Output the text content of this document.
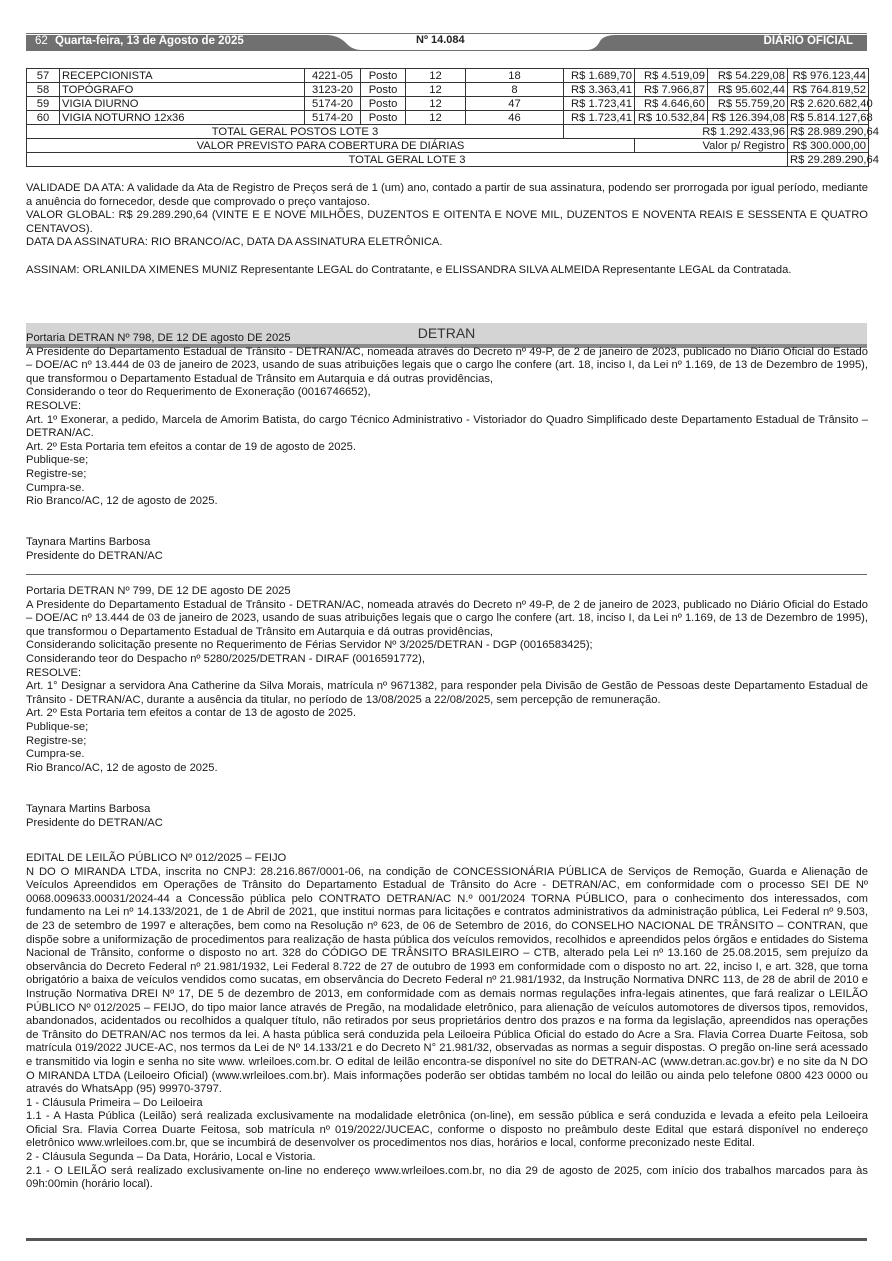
62 Quarta-feira, 13 de Agosto de 2025	Nº 14.084	DIÁRIO OFICIAL
57	RECEPCIONISTA	4221-05	Posto	12	18	R$ 1.689,70	R$ 4.519,09	R$ 54.229,08	R$ 976.123,44
58	TOPÓGRAFO	3123-20	Posto	12	8	R$ 3.363,41	R$ 7.966,87	R$ 95.602,44	R$ 764.819,52
59	VIGIA DIURNO	5174-20	Posto	12	47	R$ 1.723,41	R$ 4.646,60	R$ 55.759,20	R$ 2.620.682,40
60	VIGIA NOTURNO 12x36	5174-20	Posto	12	46	R$ 1.723,41	R$ 10.532,84	R$ 126.394,08	R$ 5.814.127,68
TOTAL GERAL POSTOS LOTE 3						R$ 1.292.433,96			R$ 28.989.290,64
VALOR PREVISTO PARA COBERTURA DE DIÁRIAS							Valor p/ Registro		R$ 300.000,00
TOTAL GERAL LOTE 3									R$ 29.289.290,64

VALIDADE DA ATA: A validade da Ata de Registro de Preços será de 1 (um) ano, contado a partir de sua assinatura, podendo ser prorrogada por igual período, mediante a anuência do fornecedor, desde que comprovado o preço vantajoso.

VALOR GLOBAL: R$ 29.289.290,64 (VINTE E E NOVE MILHÕES, DUZENTOS E OITENTA E NOVE MIL, DUZENTOS E NOVENTA REAIS E SESSENTA E QUATRO CENTAVOS).

DATA DA ASSINATURA: RIO BRANCO/AC, DATA DA ASSINATURA ELETRÔNICA.

ASSINAM: ORLANILDA XIMENES MUNIZ Representante LEGAL do Contratante, e ELISSANDRA SILVA ALMEIDA Representante LEGAL da Contratada.

DETRAN

Portaria DETRAN Nº 798, DE 12 DE agosto DE 2025

A Presidente do Departamento Estadual de Trânsito - DETRAN/AC, nomeada através do Decreto nº 49-P, de 2 de janeiro de 2023, publicado no Diário Oficial do Estado – DOE/AC nº 13.444 de 03 de janeiro de 2023, usando de suas atribuições legais que o cargo lhe confere (art. 18, inciso I, da Lei nº 1.169, de 13 de Dezembro de 1995), que transformou o Departamento Estadual de Trânsito em Autarquia e dá outras providências,

Considerando o teor do Requerimento de Exoneração (0016746652),

RESOLVE:

Art. 1º Exonerar, a pedido, Marcela de Amorim Batista, do cargo Técnico Administrativo - Vistoriador do Quadro Simplificado deste Departamento Estadual de Trânsito – DETRAN/AC.

Art. 2º Esta Portaria tem efeitos a contar de 19 de agosto de 2025.

Publique-se;

Registre-se;

Cumpra-se.

Rio Branco/AC, 12 de agosto de 2025.

Taynara Martins Barbosa

Presidente do DETRAN/AC

Portaria DETRAN Nº 799, DE 12 DE agosto DE 2025

A Presidente do Departamento Estadual de Trânsito - DETRAN/AC, nomeada através do Decreto nº 49-P, de 2 de janeiro de 2023, publicado no Diário Oficial do Estado – DOE/AC nº 13.444 de 03 de janeiro de 2023, usando de suas atribuições legais que o cargo lhe confere (art. 18, inciso I, da Lei nº 1.169, de 13 de Dezembro de 1995), que transformou o Departamento Estadual de Trânsito em Autarquia e dá outras providências,

Considerando solicitação presente no Requerimento de Férias Servidor Nº 3/2025/DETRAN - DGP (0016583425);

Considerando teor do Despacho nº 5280/2025/DETRAN - DIRAF (0016591772),

RESOLVE:

Art. 1° Designar a servidora Ana Catherine da Silva Morais, matrícula nº 9671382, para responder pela Divisão de Gestão de Pessoas deste Departamento Estadual de Trânsito - DETRAN/AC, durante a ausência da titular, no período de 13/08/2025 a 22/08/2025, sem percepção de remuneração.

Art. 2º Esta Portaria tem efeitos a contar de 13 de agosto de 2025.

Publique-se;

Registre-se;

Cumpra-se.

Rio Branco/AC, 12 de agosto de 2025.

Taynara Martins Barbosa

Presidente do DETRAN/AC

EDITAL DE LEILÃO PÚBLICO Nº 012/2025 – FEIJO

N DO O MIRANDA LTDA, inscrita no CNPJ: 28.216.867/0001-06, na condição de CONCESSIONÁRIA PÚBLICA de Serviços de Remoção, Guarda e Alienação de Veículos Apreendidos em Operações de Trânsito do Departamento Estadual de Trânsito do Acre - DETRAN/AC, em conformidade com o processo SEI DE Nº 0068.009633.00031/2024-44 a Concessão pública pelo CONTRATO DETRAN/AC N.º 001/2024 TORNA PÚBLICO, para o conhecimento dos interessados, com fundamento na Lei nº 14.133/2021, de 1 de Abril de 2021, que institui normas para licitações e contratos administrativos da administração pública, Lei Federal nº 9.503, de 23 de setembro de 1997 e alterações, bem como na Resolução nº 623, de 06 de Setembro de 2016, do CONSELHO NACIONAL DE TRÂNSITO – CONTRAN, que dispõe sobre a uniformização de procedimentos para realização de hasta pública dos veículos removidos, recolhidos e apreendidos pelos órgãos e entidades do Sistema Nacional de Trânsito, conforme o disposto no art. 328 do CÓDIGO DE TRÂNSITO BRASILEIRO – CTB, alterado pela Lei nº 13.160 de 25.08.2015, sem prejuízo da observância do Decreto Federal nº 21.981/1932, Lei Federal 8.722 de 27 de outubro de 1993 em conformidade com o disposto no art. 22, inciso I, e art. 328, que torna obrigatório a baixa de veículos vendidos como sucatas, em observância do Decreto Federal nº 21.981/1932, da Instrução Normativa DNRC 113, de 28 de abril de 2010 e Instrução Normativa DREI Nº 17, DE 5 de dezembro de 2013, em conformidade com as demais normas regulações infra-legais atinentes, que fará realizar o LEILÃO PÚBLICO Nº 012/2025 – FEIJO, do tipo maior lance através de Pregão, na modalidade eletrônico, para alienação de veículos automotores de diversos tipos, removidos, abandonados, acidentados ou recolhidos a qualquer título, não retirados por seus proprietários dentro dos prazos e na forma da legislação, apreendidos nas operações de Trânsito do DETRAN/AC nos termos da lei. A hasta pública será conduzida pela Leiloeira Pública Oficial do estado do Acre a Sra. Flavia Correa Duarte Feitosa, sob matrícula 019/2022 JUCE-AC, nos termos da Lei de Nº 14.133/21 e do Decreto N° 21.981/32, observadas as normas a seguir dispostas. O pregão on-line será acessado e transmitido via login e senha no site www. wrleiloes.com.br. O edital de leilão encontra-se disponível no site do DETRAN-AC (www.detran.ac.gov.br) e no site da N DO O MIRANDA LTDA (Leiloeiro Oficial) (www.wrleiloes.com.br). Mais informações poderão ser obtidas também no local do leilão ou ainda pelo telefone 0800 423 0000 ou através do WhatsApp (95) 99970-3797.

1 - Cláusula Primeira – Do Leiloeira

1.1 - A Hasta Pública (Leilão) será realizada exclusivamente na modalidade eletrônica (on-line), em sessão pública e será conduzida e levada a efeito pela Leiloeira Oficial Sra. Flavia Correa Duarte Feitosa, sob matrícula nº 019/2022/JUCEAC, conforme o disposto no preâmbulo deste Edital que estará disponível no endereço eletrônico www.wrleiloes.com.br, que se incumbirá de desenvolver os procedimentos nos dias, horários e local, conforme preconizado neste Edital.

2 - Cláusula Segunda – Da Data, Horário, Local e Vistoria.

2.1 - O LEILÃO será realizado exclusivamente on-line no endereço www.wrleiloes.com.br, no dia 29 de agosto de 2025, com início dos trabalhos marcados para às 09h:00min (horário local).
